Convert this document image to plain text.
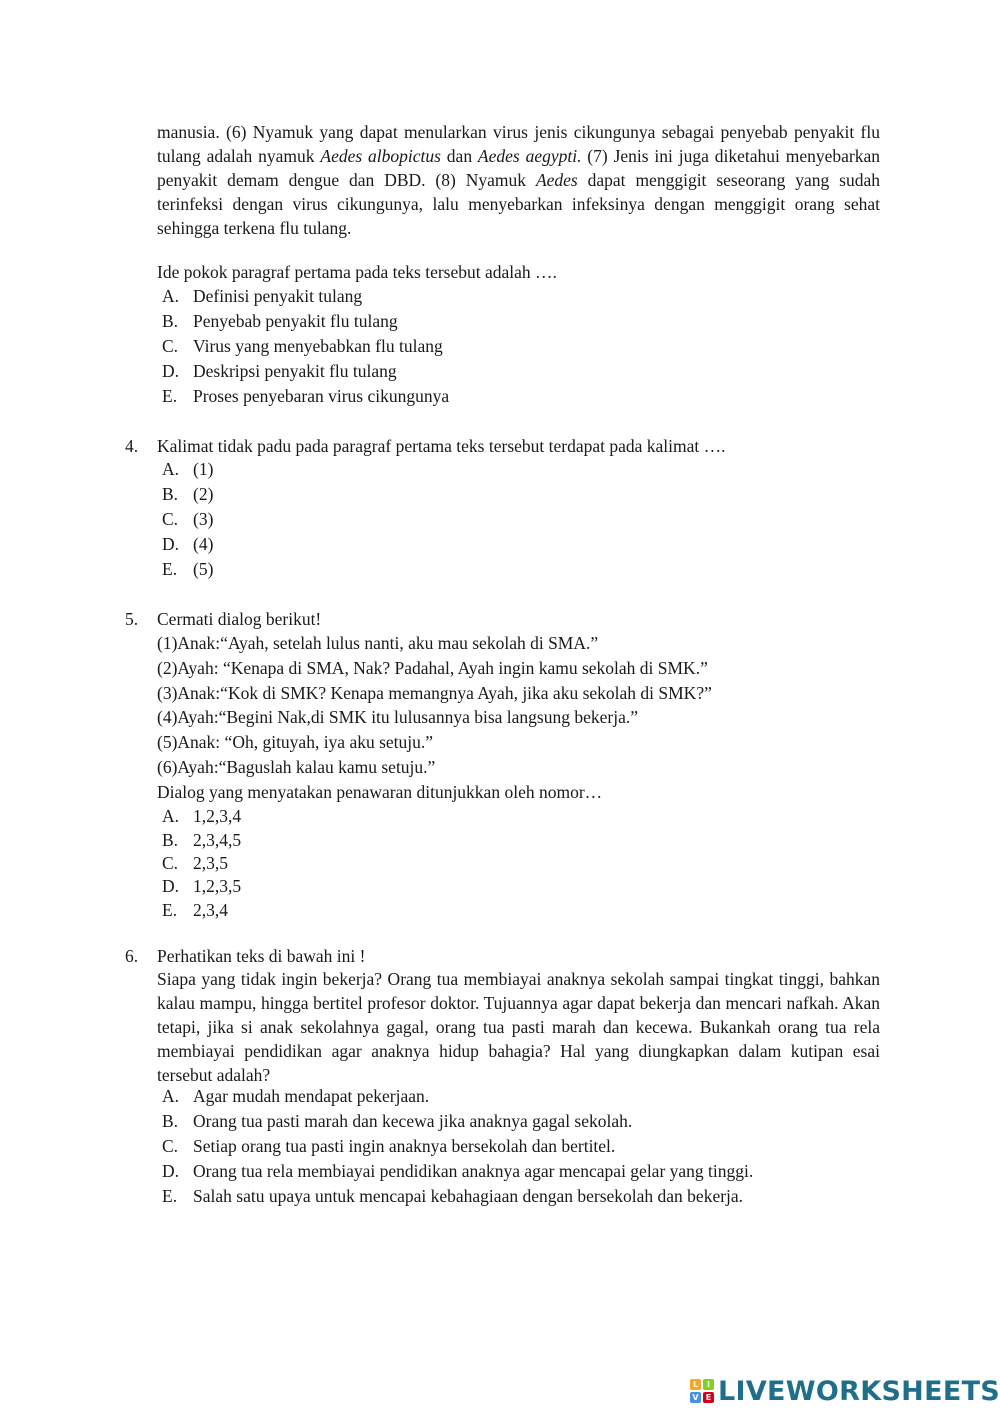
manusia. (6) Nyamuk yang dapat menularkan virus jenis cikungunya sebagai penyebab penyakit flu tulang adalah nyamuk Aedes albopictus dan Aedes aegypti. (7) Jenis ini juga diketahui menyebarkan penyakit demam dengue dan DBD. (8) Nyamuk Aedes dapat menggigit seseorang yang sudah terinfeksi dengan virus cikungunya, lalu menyebarkan infeksinya dengan menggigit orang sehat sehingga terkena flu tulang.

Ide pokok paragraf pertama pada teks tersebut adalah ….
A. Definisi penyakit tulang
B. Penyebab penyakit flu tulang
C. Virus yang menyebabkan flu tulang
D. Deskripsi penyakit flu tulang
E. Proses penyebaran virus cikungunya
4. Kalimat tidak padu pada paragraf pertama teks tersebut terdapat pada kalimat ….
A. (1)
B. (2)
C. (3)
D. (4)
E. (5)
5. Cermati dialog berikut!
(1)Anak:“Ayah, setelah lulus nanti, aku mau sekolah di SMA.”
(2)Ayah: “Kenapa di SMA, Nak? Padahal, Ayah ingin kamu sekolah di SMK.”
(3)Anak:“Kok di SMK? Kenapa memangnya Ayah, jika aku sekolah di SMK?”
(4)Ayah:“Begini Nak,di SMK itu lulusannya bisa langsung bekerja.”
(5)Anak: “Oh, gituyah, iya aku setuju.”
(6)Ayah:“Baguslah kalau kamu setuju.”
Dialog yang menyatakan penawaran ditunjukkan oleh nomor…
A. 1,2,3,4
B. 2,3,4,5
C. 2,3,5
D. 1,2,3,5
E. 2,3,4
6. Perhatikan teks di bawah ini !

Siapa yang tidak ingin bekerja? Orang tua membiayai anaknya sekolah sampai tingkat tinggi, bahkan kalau mampu, hingga bertitel profesor doktor. Tujuannya agar dapat bekerja dan mencari nafkah. Akan tetapi, jika si anak sekolahnya gagal, orang tua pasti marah dan kecewa. Bukankah orang tua rela membiayai pendidikan agar anaknya hidup bahagia? Hal yang diungkapkan dalam kutipan esai tersebut adalah?

A. Agar mudah mendapat pekerjaan.
B. Orang tua pasti marah dan kecewa jika anaknya gagal sekolah.
C. Setiap orang tua pasti ingin anaknya bersekolah dan bertitel.
D. Orang tua rela membiayai pendidikan anaknya agar mencapai gelar yang tinggi.
E. Salah satu upaya untuk mencapai kebahagiaan dengan bersekolah dan bekerja.
L	I
V E LIVEWORKSHEETS
